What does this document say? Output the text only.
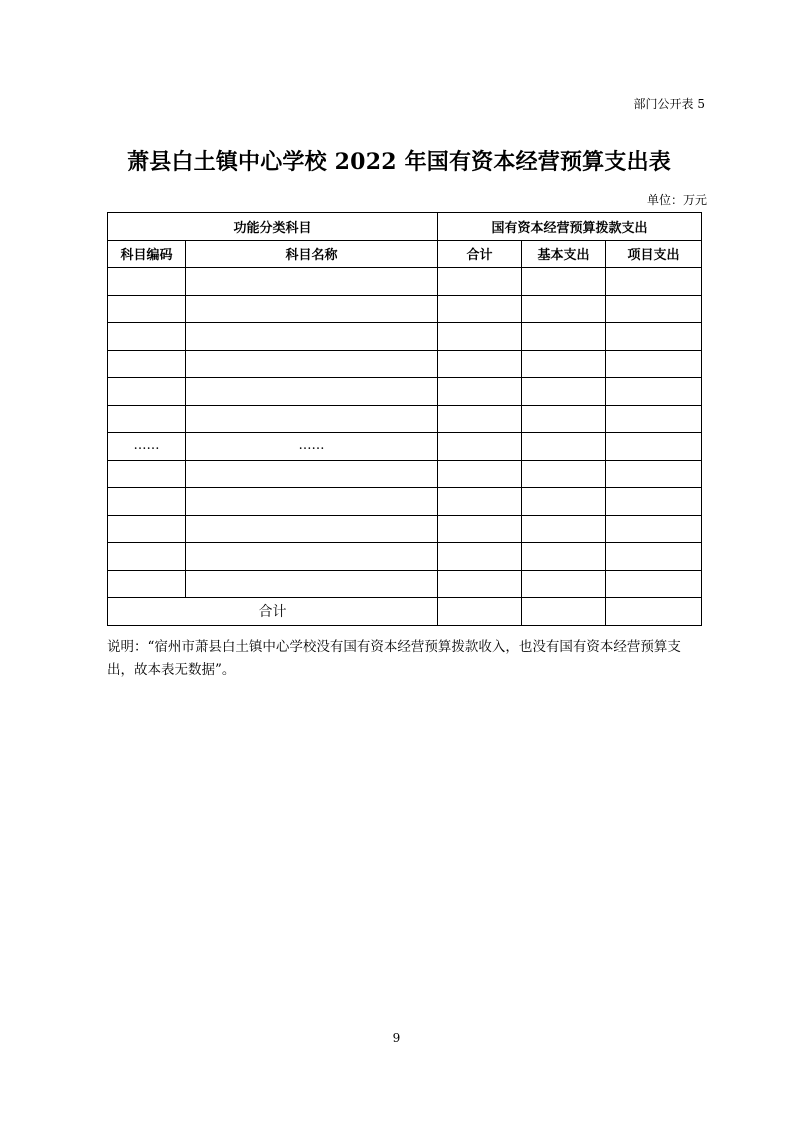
部门公开表 5
萧县白土镇中心学校 2022 年国有资本经营预算支出表
单位：万元
功能分类科目		国有资本经营预算拨款支出		
科目编码	科目名称	合计	基本支出	项目支出

……	……			

合计				

说明：“宿州市萧县白土镇中心学校没有国有资本经营预算拨款收入，也没有国有资本经营预算支出，故本表无数据”。

9
